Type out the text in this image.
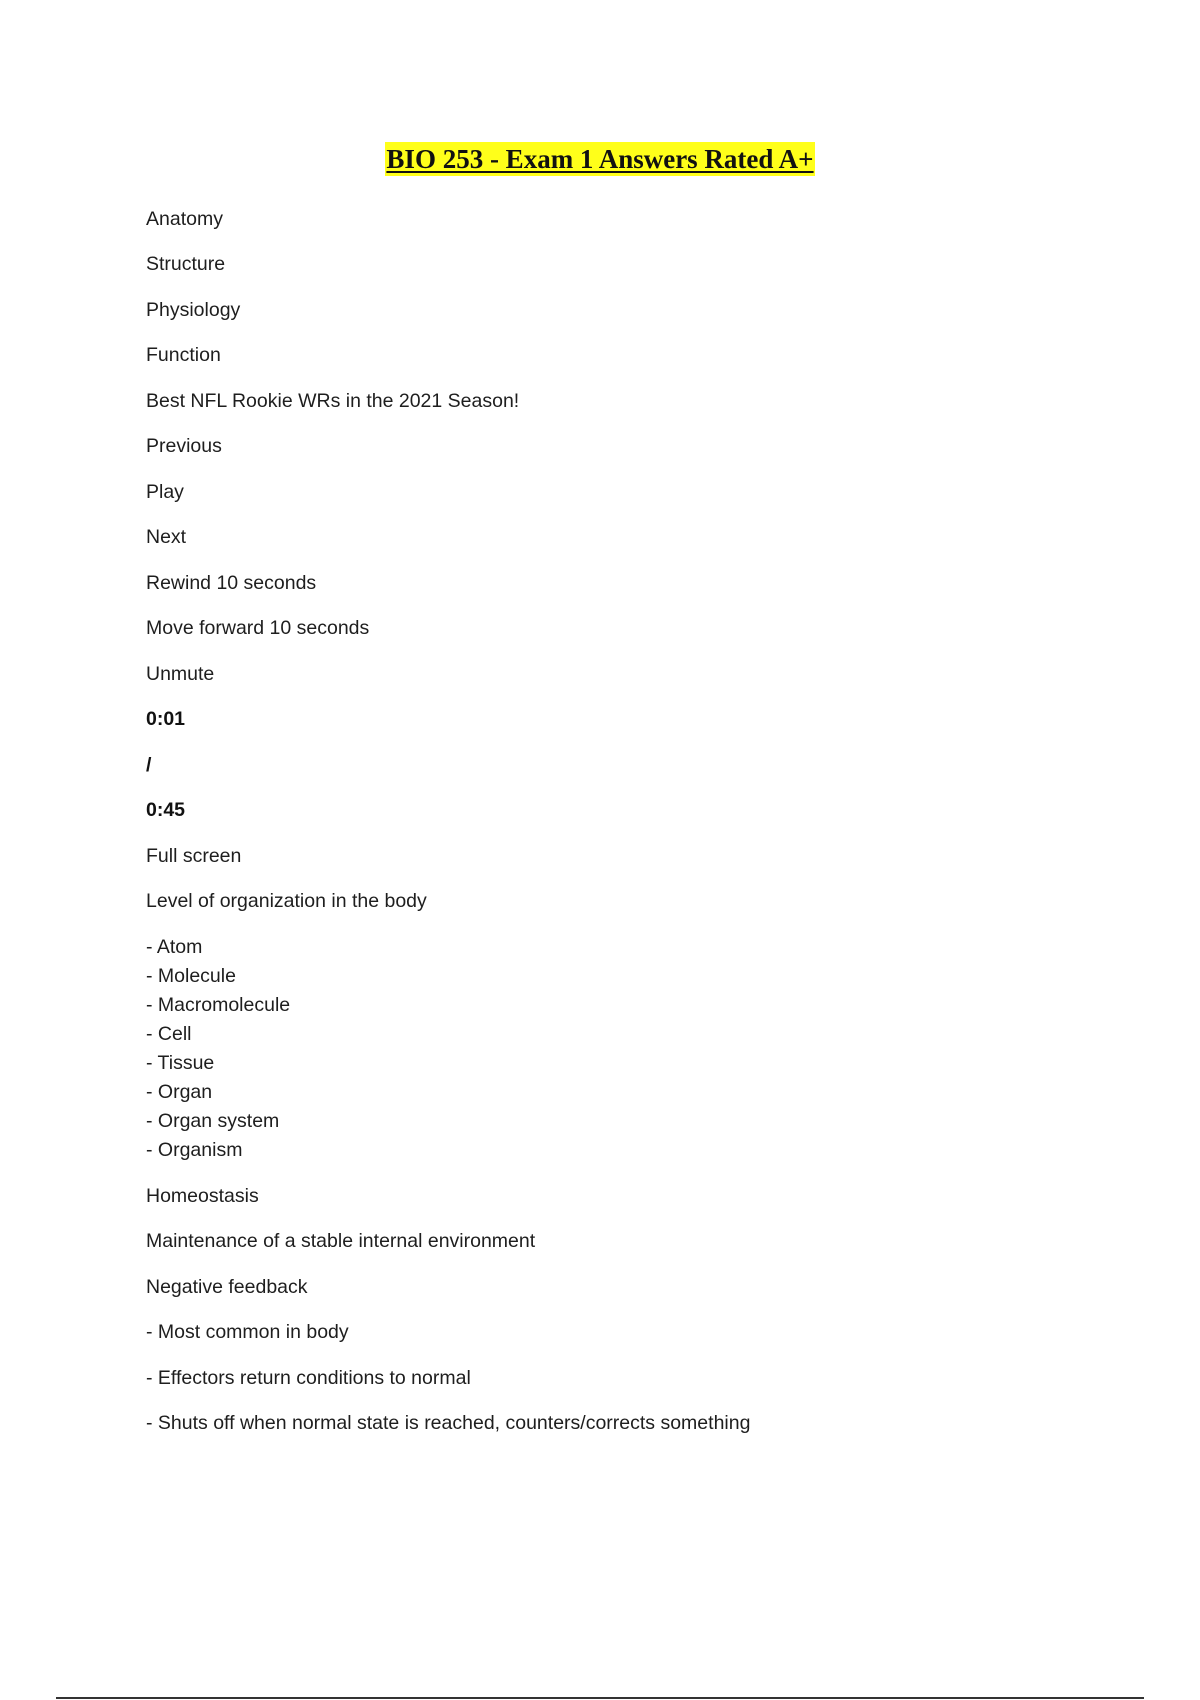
BIO 253 - Exam 1 Answers Rated A+
Anatomy
Structure
Physiology
Function
Best NFL Rookie WRs in the 2021 Season!
Previous
Play
Next
Rewind 10 seconds
Move forward 10 seconds
Unmute
0:01
/
0:45
Full screen
Level of organization in the body
- Atom
- Molecule
- Macromolecule
- Cell
- Tissue
- Organ
- Organ system
- Organism
Homeostasis
Maintenance of a stable internal environment
Negative feedback
- Most common in body
- Effectors return conditions to normal
- Shuts off when normal state is reached, counters/corrects something
